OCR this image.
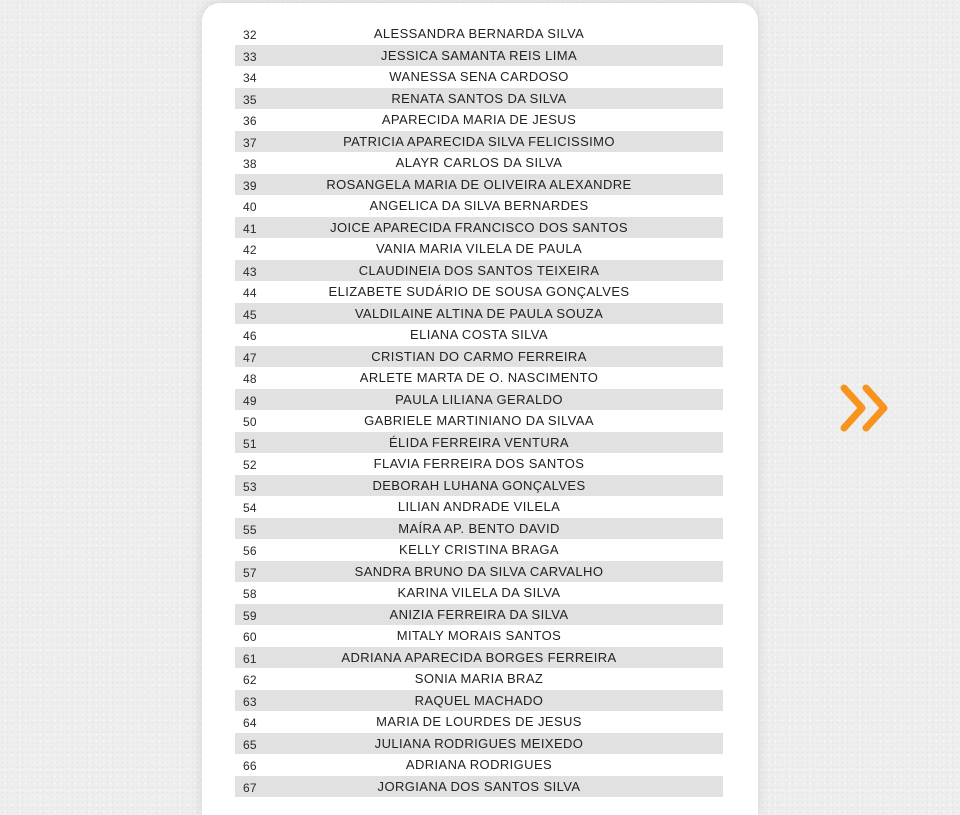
32	ALESSANDRA BERNARDA SILVA
33	JESSICA SAMANTA REIS LIMA
34	WANESSA SENA CARDOSO
35	RENATA SANTOS DA SILVA
36	APARECIDA MARIA DE JESUS
37	PATRICIA APARECIDA SILVA FELICISSIMO
38	ALAYR CARLOS DA SILVA
39	ROSANGELA MARIA DE OLIVEIRA ALEXANDRE
40	ANGELICA DA SILVA BERNARDES
41	JOICE APARECIDA FRANCISCO DOS SANTOS
42	VANIA MARIA VILELA DE PAULA
43	CLAUDINEIA DOS SANTOS TEIXEIRA
44	ELIZABETE SUDÁRIO DE SOUSA GONÇALVES
45	VALDILAINE ALTINA DE PAULA SOUZA
46	ELIANA COSTA SILVA
47	CRISTIAN DO CARMO FERREIRA
48	ARLETE MARTA DE O. NASCIMENTO
49	PAULA LILIANA GERALDO
50	GABRIELE MARTINIANO DA SILVAA
51	ÉLIDA FERREIRA VENTURA
52	FLAVIA FERREIRA DOS SANTOS
53	DEBORAH LUHANA GONÇALVES
54	LILIAN ANDRADE VILELA
55	MAÍRA AP. BENTO DAVID
56	KELLY CRISTINA BRAGA
57	SANDRA BRUNO DA SILVA CARVALHO
58	KARINA VILELA DA SILVA
59	ANIZIA FERREIRA DA SILVA
60	MITALY MORAIS SANTOS
61	ADRIANA APARECIDA BORGES FERREIRA
62	SONIA MARIA BRAZ
63	RAQUEL MACHADO
64	MARIA DE LOURDES DE JESUS
65	JULIANA RODRIGUES MEIXEDO
66	ADRIANA RODRIGUES
67	JORGIANA DOS SANTOS SILVA
